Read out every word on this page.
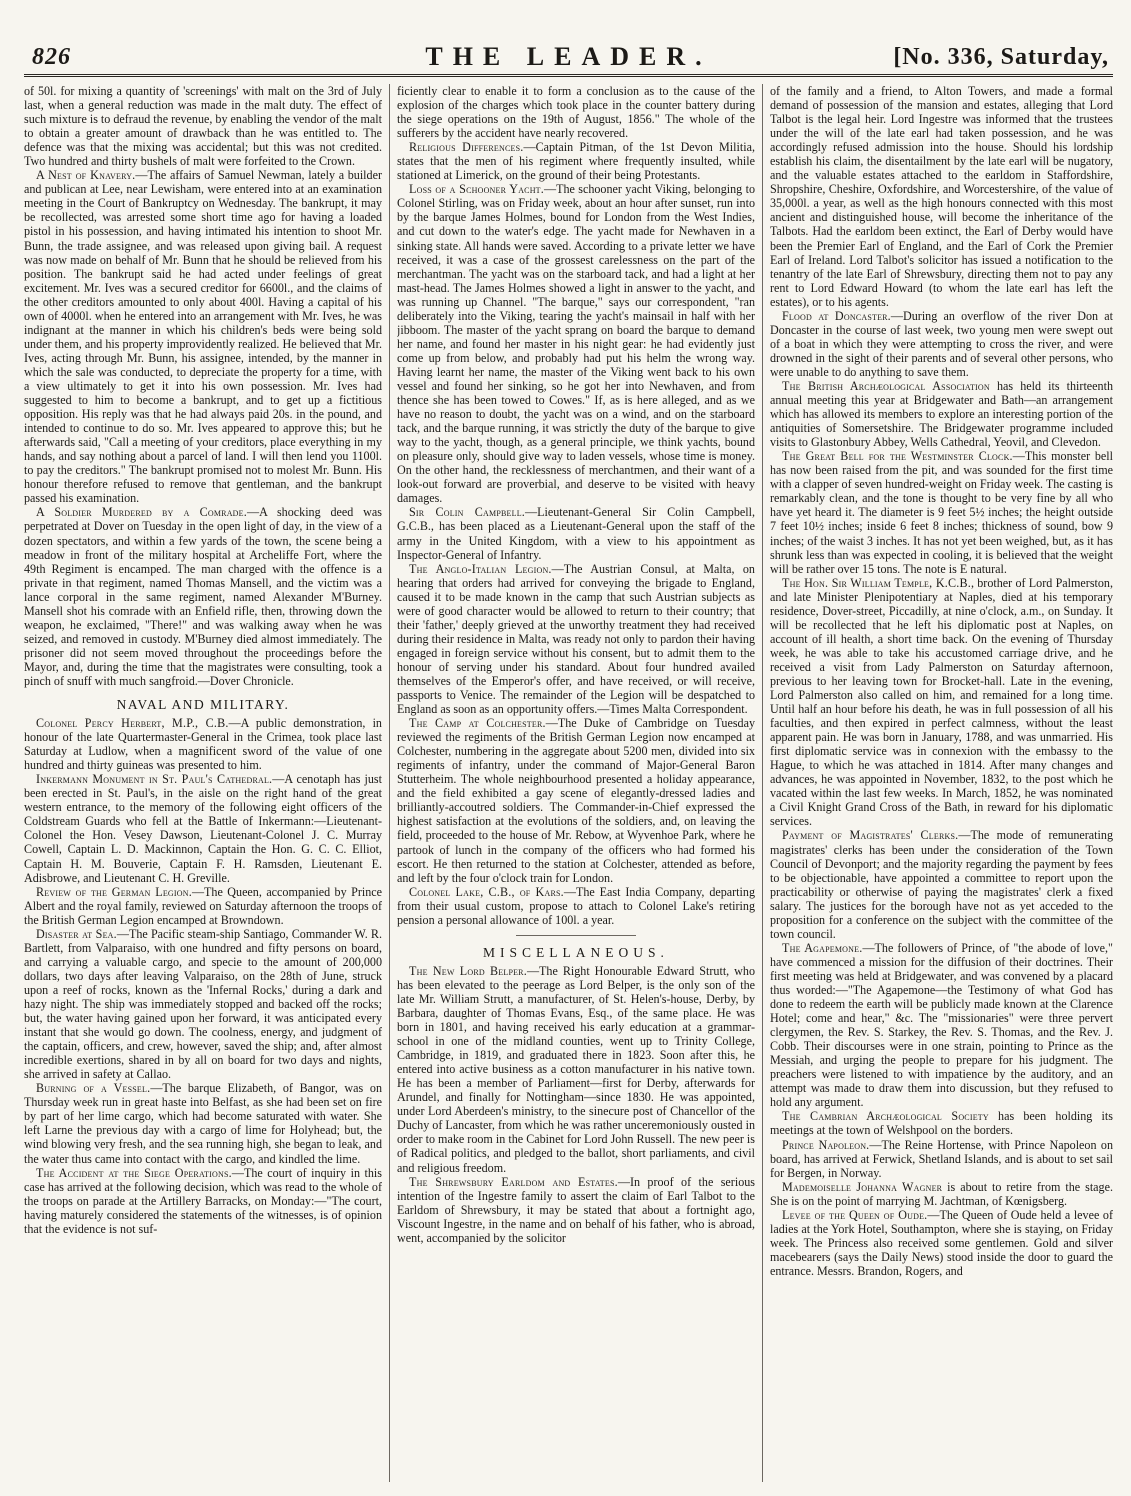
826	THE LEADER.	[No. 336, Saturday,

of 50l. for mixing a quantity of 'screenings' with malt on the 3rd of July last, when a general reduction was made in the malt duty. The effect of such mixture is to defraud the revenue, by enabling the vendor of the malt to obtain a greater amount of drawback than he was entitled to. The defence was that the mixing was accidental; but this was not credited. Two hundred and thirty bushels of malt were forfeited to the Crown.

A Nest of Knavery.—The affairs of Samuel Newman, lately a builder and publican at Lee, near Lewisham, were entered into at an examination meeting in the Court of Bankruptcy on Wednesday. The bankrupt, it may be recollected, was arrested some short time ago for having a loaded pistol in his possession, and having intimated his intention to shoot Mr. Bunn, the trade assignee, and was released upon giving bail. A request was now made on behalf of Mr. Bunn that he should be relieved from his position. The bankrupt said he had acted under feelings of great excitement. Mr. Ives was a secured creditor for 6600l., and the claims of the other creditors amounted to only about 400l. Having a capital of his own of 4000l. when he entered into an arrangement with Mr. Ives, he was indignant at the manner in which his children's beds were being sold under them, and his property improvidently realized. He believed that Mr. Ives, acting through Mr. Bunn, his assignee, intended, by the manner in which the sale was conducted, to depreciate the property for a time, with a view ultimately to get it into his own possession. Mr. Ives had suggested to him to become a bankrupt, and to get up a fictitious opposition. His reply was that he had always paid 20s. in the pound, and intended to continue to do so. Mr. Ives appeared to approve this; but he afterwards said, "Call a meeting of your creditors, place everything in my hands, and say nothing about a parcel of land. I will then lend you 1100l. to pay the creditors." The bankrupt promised not to molest Mr. Bunn. His honour therefore refused to remove that gentleman, and the bankrupt passed his examination.

A Soldier Murdered by a Comrade.—A shocking deed was perpetrated at Dover on Tuesday in the open light of day, in the view of a dozen spectators, and within a few yards of the town, the scene being a meadow in front of the military hospital at Archeliffe Fort, where the 49th Regiment is encamped. The man charged with the offence is a private in that regiment, named Thomas Mansell, and the victim was a lance corporal in the same regiment, named Alexander M'Burney. Mansell shot his comrade with an Enfield rifle, then, throwing down the weapon, he exclaimed, "There!" and was walking away when he was seized, and removed in custody. M'Burney died almost immediately. The prisoner did not seem moved throughout the proceedings before the Mayor, and, during the time that the magistrates were consulting, took a pinch of snuff with much sangfroid.—Dover Chronicle.

NAVAL AND MILITARY.

Colonel Percy Herbert, M.P., C.B.—A public demonstration, in honour of the late Quartermaster-General in the Crimea, took place last Saturday at Ludlow, when a magnificent sword of the value of one hundred and thirty guineas was presented to him.

Inkermann Monument in St. Paul's Cathedral.—A cenotaph has just been erected in St. Paul's, in the aisle on the right hand of the great western entrance, to the memory of the following eight officers of the Coldstream Guards who fell at the Battle of Inkermann:—Lieutenant-Colonel the Hon. Vesey Dawson, Lieutenant-Colonel J. C. Murray Cowell, Captain L. D. Mackinnon, Captain the Hon. G. C. C. Elliot, Captain H. M. Bouverie, Captain F. H. Ramsden, Lieutenant E. Adisbrowe, and Lieutenant C. H. Greville.

Review of the German Legion.—The Queen, accompanied by Prince Albert and the royal family, reviewed on Saturday afternoon the troops of the British German Legion encamped at Browndown.

Disaster at Sea.—The Pacific steam-ship Santiago, Commander W. R. Bartlett, from Valparaiso, with one hundred and fifty persons on board, and carrying a valuable cargo, and specie to the amount of 200,000 dollars, two days after leaving Valparaiso, on the 28th of June, struck upon a reef of rocks, known as the 'Infernal Rocks,' during a dark and hazy night. The ship was immediately stopped and backed off the rocks; but, the water having gained upon her forward, it was anticipated every instant that she would go down. The coolness, energy, and judgment of the captain, officers, and crew, however, saved the ship; and, after almost incredible exertions, shared in by all on board for two days and nights, she arrived in safety at Callao.

Burning of a Vessel.—The barque Elizabeth, of Bangor, was on Thursday week run in great haste into Belfast, as she had been set on fire by part of her lime cargo, which had become saturated with water. She left Larne the previous day with a cargo of lime for Holyhead; but, the wind blowing very fresh, and the sea running high, she began to leak, and the water thus came into contact with the cargo, and kindled the lime.

The Accident at the Siege Operations.—The court of inquiry in this case has arrived at the following decision, which was read to the whole of the troops on parade at the Artillery Barracks, on Monday:—"The court, having maturely considered the statements of the witnesses, is of opinion that the evidence is not suf-

ficiently clear to enable it to form a conclusion as to the cause of the explosion of the charges which took place in the counter battery during the siege operations on the 19th of August, 1856." The whole of the sufferers by the accident have nearly recovered.

Religious Differences.—Captain Pitman, of the 1st Devon Militia, states that the men of his regiment where frequently insulted, while stationed at Limerick, on the ground of their being Protestants.

Loss of a Schooner Yacht.—The schooner yacht Viking, belonging to Colonel Stirling, was on Friday week, about an hour after sunset, run into by the barque James Holmes, bound for London from the West Indies, and cut down to the water's edge. The yacht made for Newhaven in a sinking state. All hands were saved. According to a private letter we have received, it was a case of the grossest carelessness on the part of the merchantman. The yacht was on the starboard tack, and had a light at her mast-head. The James Holmes showed a light in answer to the yacht, and was running up Channel. "The barque," says our correspondent, "ran deliberately into the Viking, tearing the yacht's mainsail in half with her jibboom. The master of the yacht sprang on board the barque to demand her name, and found her master in his night gear: he had evidently just come up from below, and probably had put his helm the wrong way. Having learnt her name, the master of the Viking went back to his own vessel and found her sinking, so he got her into Newhaven, and from thence she has been towed to Cowes." If, as is here alleged, and as we have no reason to doubt, the yacht was on a wind, and on the starboard tack, and the barque running, it was strictly the duty of the barque to give way to the yacht, though, as a general principle, we think yachts, bound on pleasure only, should give way to laden vessels, whose time is money. On the other hand, the recklessness of merchantmen, and their want of a look-out forward are proverbial, and deserve to be visited with heavy damages.

Sir Colin Campbell.—Lieutenant-General Sir Colin Campbell, G.C.B., has been placed as a Lieutenant-General upon the staff of the army in the United Kingdom, with a view to his appointment as Inspector-General of Infantry.

The Anglo-Italian Legion.—The Austrian Consul, at Malta, on hearing that orders had arrived for conveying the brigade to England, caused it to be made known in the camp that such Austrian subjects as were of good character would be allowed to return to their country; that their 'father,' deeply grieved at the unworthy treatment they had received during their residence in Malta, was ready not only to pardon their having engaged in foreign service without his consent, but to admit them to the honour of serving under his standard. About four hundred availed themselves of the Emperor's offer, and have received, or will receive, passports to Venice. The remainder of the Legion will be despatched to England as soon as an opportunity offers.—Times Malta Correspondent.

The Camp at Colchester.—The Duke of Cambridge on Tuesday reviewed the regiments of the British German Legion now encamped at Colchester, numbering in the aggregate about 5200 men, divided into six regiments of infantry, under the command of Major-General Baron Stutterheim. The whole neighbourhood presented a holiday appearance, and the field exhibited a gay scene of elegantly-dressed ladies and brilliantly-accoutred soldiers. The Commander-in-Chief expressed the highest satisfaction at the evolutions of the soldiers, and, on leaving the field, proceeded to the house of Mr. Rebow, at Wyvenhoe Park, where he partook of lunch in the company of the officers who had formed his escort. He then returned to the station at Colchester, attended as before, and left by the four o'clock train for London.

Colonel Lake, C.B., of Kars.—The East India Company, departing from their usual custom, propose to attach to Colonel Lake's retiring pension a personal allowance of 100l. a year.

MISCELLANEOUS.

The New Lord Belper.—The Right Honourable Edward Strutt, who has been elevated to the peerage as Lord Belper, is the only son of the late Mr. William Strutt, a manufacturer, of St. Helen's-house, Derby, by Barbara, daughter of Thomas Evans, Esq., of the same place. He was born in 1801, and having received his early education at a grammar-school in one of the midland counties, went up to Trinity College, Cambridge, in 1819, and graduated there in 1823. Soon after this, he entered into active business as a cotton manufacturer in his native town. He has been a member of Parliament—first for Derby, afterwards for Arundel, and finally for Nottingham—since 1830. He was appointed, under Lord Aberdeen's ministry, to the sinecure post of Chancellor of the Duchy of Lancaster, from which he was rather unceremoniously ousted in order to make room in the Cabinet for Lord John Russell. The new peer is of Radical politics, and pledged to the ballot, short parliaments, and civil and religious freedom.

The Shrewsbury Earldom and Estates.—In proof of the serious intention of the Ingestre family to assert the claim of Earl Talbot to the Earldom of Shrewsbury, it may be stated that about a fortnight ago, Viscount Ingestre, in the name and on behalf of his father, who is abroad, went, accompanied by the solicitor

of the family and a friend, to Alton Towers, and made a formal demand of possession of the mansion and estates, alleging that Lord Talbot is the legal heir. Lord Ingestre was informed that the trustees under the will of the late earl had taken possession, and he was accordingly refused admission into the house. Should his lordship establish his claim, the disentailment by the late earl will be nugatory, and the valuable estates attached to the earldom in Staffordshire, Shropshire, Cheshire, Oxfordshire, and Worcestershire, of the value of 35,000l. a year, as well as the high honours connected with this most ancient and distinguished house, will become the inheritance of the Talbots. Had the earldom been extinct, the Earl of Derby would have been the Premier Earl of England, and the Earl of Cork the Premier Earl of Ireland. Lord Talbot's solicitor has issued a notification to the tenantry of the late Earl of Shrewsbury, directing them not to pay any rent to Lord Edward Howard (to whom the late earl has left the estates), or to his agents.

Flood at Doncaster.—During an overflow of the river Don at Doncaster in the course of last week, two young men were swept out of a boat in which they were attempting to cross the river, and were drowned in the sight of their parents and of several other persons, who were unable to do anything to save them.

The British Archæological Association has held its thirteenth annual meeting this year at Bridgewater and Bath—an arrangement which has allowed its members to explore an interesting portion of the antiquities of Somersetshire. The Bridgewater programme included visits to Glastonbury Abbey, Wells Cathedral, Yeovil, and Clevedon.

The Great Bell for the Westminster Clock.—This monster bell has now been raised from the pit, and was sounded for the first time with a clapper of seven hundred-weight on Friday week. The casting is remarkably clean, and the tone is thought to be very fine by all who have yet heard it. The diameter is 9 feet 5½ inches; the height outside 7 feet 10½ inches; inside 6 feet 8 inches; thickness of sound, bow 9 inches; of the waist 3 inches. It has not yet been weighed, but, as it has shrunk less than was expected in cooling, it is believed that the weight will be rather over 15 tons. The note is E natural.

The Hon. Sir William Temple, K.C.B., brother of Lord Palmerston, and late Minister Plenipotentiary at Naples, died at his temporary residence, Dover-street, Piccadilly, at nine o'clock, a.m., on Sunday. It will be recollected that he left his diplomatic post at Naples, on account of ill health, a short time back. On the evening of Thursday week, he was able to take his accustomed carriage drive, and he received a visit from Lady Palmerston on Saturday afternoon, previous to her leaving town for Brocket-hall. Late in the evening, Lord Palmerston also called on him, and remained for a long time. Until half an hour before his death, he was in full possession of all his faculties, and then expired in perfect calmness, without the least apparent pain. He was born in January, 1788, and was unmarried. His first diplomatic service was in connexion with the embassy to the Hague, to which he was attached in 1814. After many changes and advances, he was appointed in November, 1832, to the post which he vacated within the last few weeks. In March, 1852, he was nominated a Civil Knight Grand Cross of the Bath, in reward for his diplomatic services.

Payment of Magistrates' Clerks.—The mode of remunerating magistrates' clerks has been under the consideration of the Town Council of Devonport; and the majority regarding the payment by fees to be objectionable, have appointed a committee to report upon the practicability or otherwise of paying the magistrates' clerk a fixed salary. The justices for the borough have not as yet acceded to the proposition for a conference on the subject with the committee of the town council.

The Agapemone.—The followers of Prince, of "the abode of love," have commenced a mission for the diffusion of their doctrines. Their first meeting was held at Bridgewater, and was convened by a placard thus worded:—"The Agapemone—the Testimony of what God has done to redeem the earth will be publicly made known at the Clarence Hotel; come and hear," &c. The "missionaries" were three pervert clergymen, the Rev. S. Starkey, the Rev. S. Thomas, and the Rev. J. Cobb. Their discourses were in one strain, pointing to Prince as the Messiah, and urging the people to prepare for his judgment. The preachers were listened to with impatience by the auditory, and an attempt was made to draw them into discussion, but they refused to hold any argument.

The Cambrian Archæological Society has been holding its meetings at the town of Welshpool on the borders.

Prince Napoleon.—The Reine Hortense, with Prince Napoleon on board, has arrived at Ferwick, Shetland Islands, and is about to set sail for Bergen, in Norway.

Mademoiselle Johanna Wagner is about to retire from the stage. She is on the point of marrying M. Jachtman, of Kœnigsberg.

Levee of the Queen of Oude.—The Queen of Oude held a levee of ladies at the York Hotel, Southampton, where she is staying, on Friday week. The Princess also received some gentlemen. Gold and silver macebearers (says the Daily News) stood inside the door to guard the entrance. Messrs. Brandon, Rogers, and
